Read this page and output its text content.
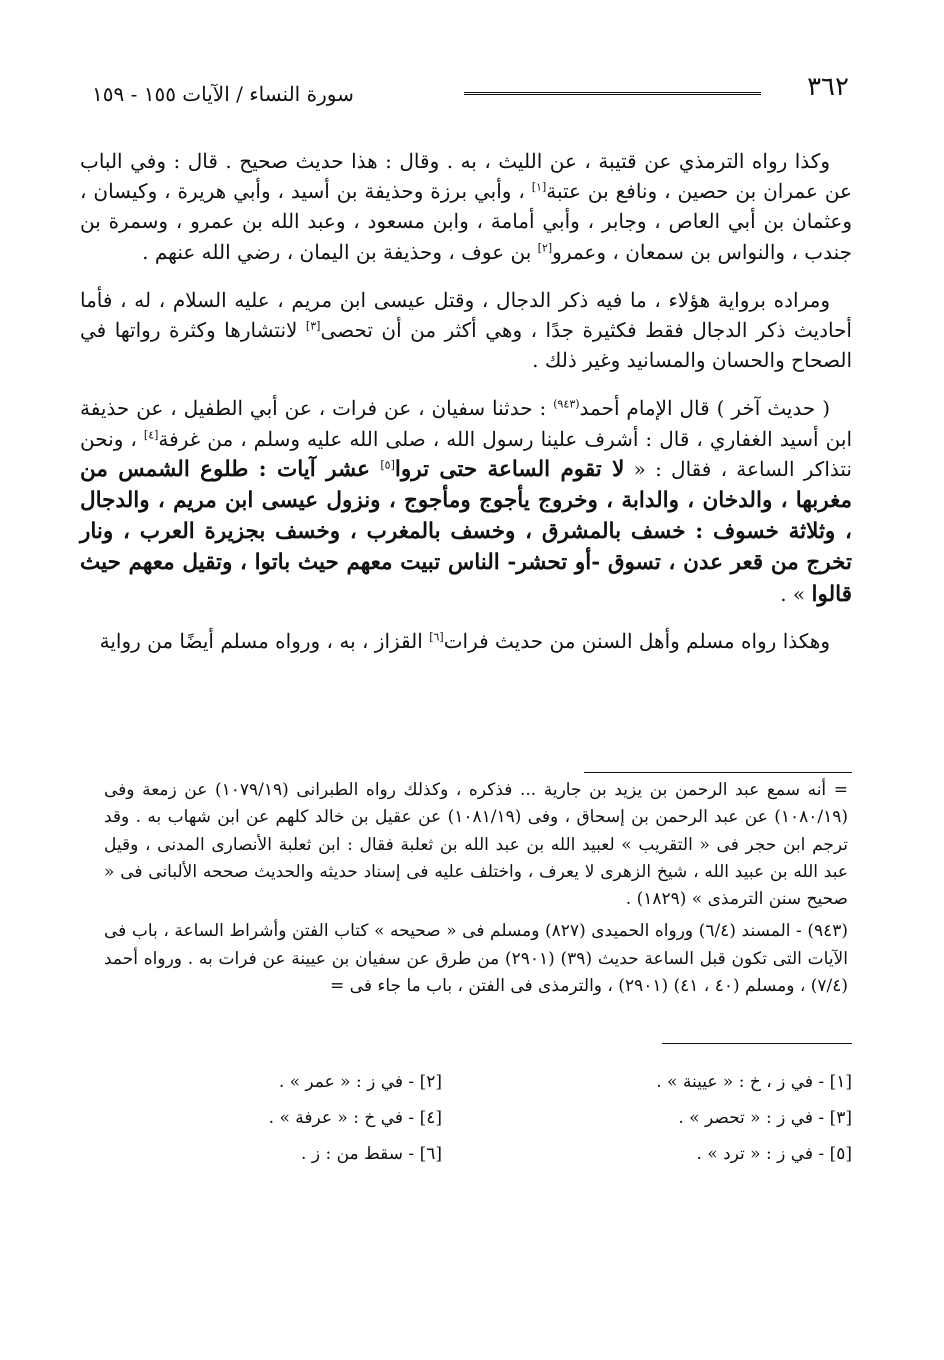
٣٦٢
سورة النساء / الآيات ١٥٥ - ١٥٩

وكذا رواه الترمذي عن قتيبة ، عن الليث ، به . وقال : هذا حديث صحيح . قال : وفي الباب عن عمران بن حصين ، ونافع بن عتبة[١] ، وأبي برزة وحذيفة بن أسيد ، وأبي هريرة ، وكيسان ، وعثمان بن أبي العاص ، وجابر ، وأبي أمامة ، وابن مسعود ، وعبد الله بن عمرو ، وسمرة بن جندب ، والنواس بن سمعان ، وعمرو[٢] بن عوف ، وحذيفة بن اليمان ، رضي الله عنهم .

ومراده برواية هؤلاء ، ما فيه ذكر الدجال ، وقتل عيسى ابن مريم ، عليه السلام ، له ، فأما أحاديث ذكر الدجال فقط فكثيرة جدًا ، وهي أكثر من أن تحصى[٣] لانتشارها وكثرة رواتها في الصحاح والحسان والمسانيد وغير ذلك .

( حديث آخر ) قال الإمام أحمد$^{(٩٤٣)}$ : حدثنا سفيان ، عن فرات ، عن أبي الطفيل ، عن حذيفة ابن أسيد الغفاري ، قال : أشرف علينا رسول الله ، صلى الله عليه وسلم ، من غرفة[٤] ، ونحن نتذاكر الساعة ، فقال : « لا تقوم الساعة حتى تروا[٥] عشر آيات : طلوع الشمس من مغربها ، والدخان ، والدابة ، وخروج يأجوج ومأجوج ، ونزول عيسى ابن مريم ، والدجال ، وثلاثة خسوف : خسف بالمشرق ، وخسف بالمغرب ، وخسف بجزيرة العرب ، ونار تخرج من قعر عدن ، تسوق -أو تحشر- الناس تبيت معهم حيث باتوا ، وتقيل معهم حيث قالوا » .

وهكذا رواه مسلم وأهل السنن من حديث فرات[٦] القزاز ، به ، ورواه مسلم أيضًا من رواية

= أنه سمع عبد الرحمن بن يزيد بن جارية ... فذكره ، وكذلك رواه الطبرانى (١٠٧٩/١٩) عن زمعة وفى (١٠٨٠/١٩) عن عبد الرحمن بن إسحاق ، وفى (١٠٨١/١٩) عن عقيل بن خالد كلهم عن ابن شهاب به . وقد ترجم ابن حجر فى « التقريب » لعبيد الله بن عبد الله بن ثعلبة فقال : ابن ثعلبة الأنصارى المدنى ، وقيل عبد الله بن عبيد الله ، شيخ الزهرى لا يعرف ، واختلف عليه فى إسناد حديثه والحديث صححه الألبانى فى « صحيح سنن الترمذى » (١٨٢٩) .

(٩٤٣) - المسند (٦/٤) ورواه الحميدى (٨٢٧) ومسلم فى « صحيحه » كتاب الفتن وأشراط الساعة ، باب فى الآيات التى تكون قبل الساعة حديث (٣٩) (٢٩٠١) من طرق عن سفيان بن عيينة عن فرات به . ورواه أحمد (٧/٤) ، ومسلم (٤٠ ، ٤١) (٢٩٠١) ، والترمذى فى الفتن ، باب ما جاء فى =

[١] - في ز ، خ : « عيينة » .
[٣] - في ز : « تحصر » .
[٥] - في ز : « ترد » .
[٢] - في ز : « عمر » .
[٤] - في خ : « عرفة » .
[٦] - سقط من : ز .
